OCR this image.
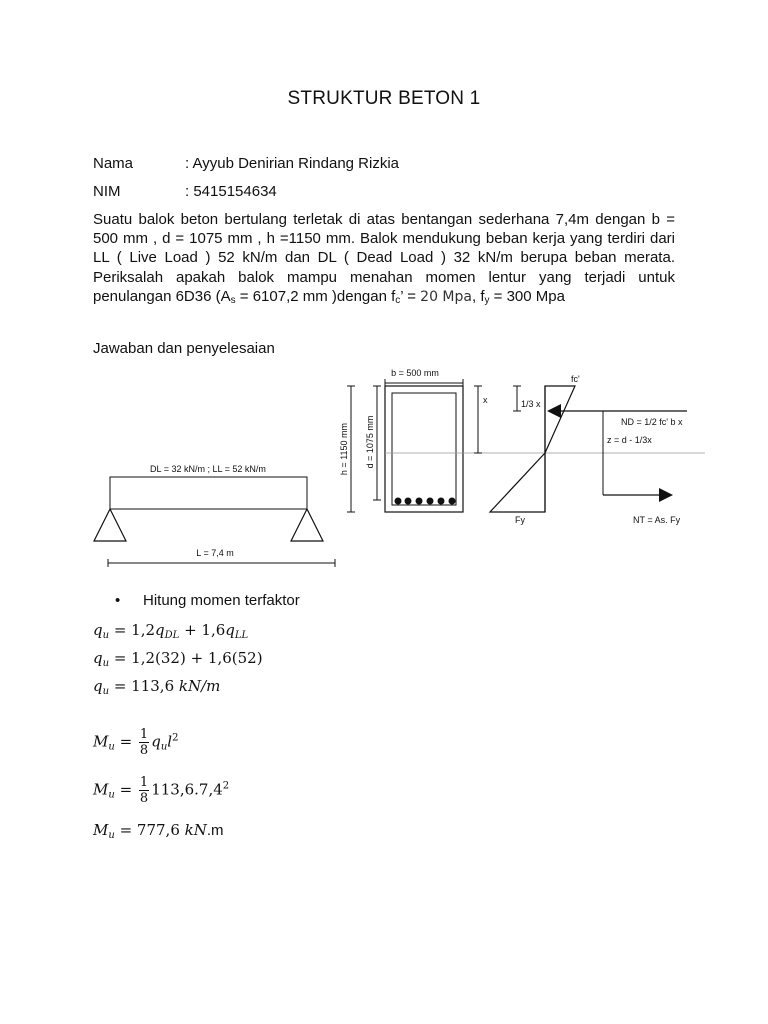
STRUKTUR BETON 1
Nama	: Ayyub Denirian Rindang Rizkia
NIM	: 5415154634
Suatu balok beton bertulang terletak di atas bentangan sederhana 7,4m dengan b = 500 mm , d = 1075 mm , h =1150 mm. Balok mendukung beban kerja yang terdiri dari LL ( Live Load ) 52 kN/m dan DL ( Dead Load ) 32 kN/m berupa beban merata. Periksalah apakah balok mampu menahan momen lentur yang terjadi untuk penulangan 6D36 ($A_s = 6107,2$ mm )dengan $f_c$’ = 20 Mpa, $f_y = 300$ Mpa
Jawaban dan penyelesaian
DL = 32 kN/m ; LL = 52 kN/m
L = 7,4 m
b = 500 mm
h = 1150 mm d = 1075 mm
x	1/3 x
fc'
Fy
ND = 1/2 fc' b x
z = d - 1/3x
NT = As. Fy
• Hitung momen terfaktor
$q_u = 1,2q_{DL} + 1,6q_{LL}$
$q_u = 1,2(32) + 1,6(52)$
$q_u = 113,6$ kN/m
$M_u = \frac{1}{8} q_ul^2$
$M_u = \frac{1}{8} 113,6.7,4^2$
$M_u = 777,6$ kN.m
